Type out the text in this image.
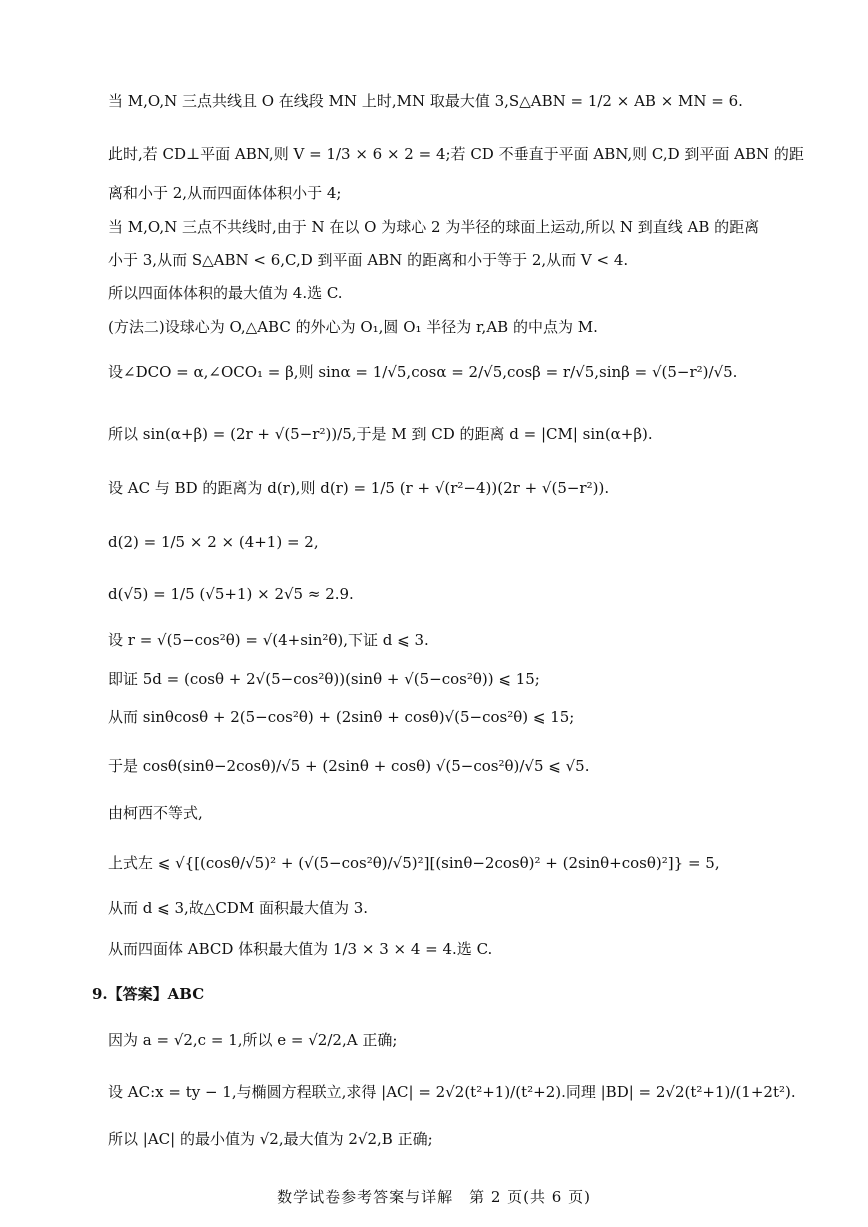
当 M,O,N 三点共线且 O 在线段 MN 上时,MN 取最大值 3,S△ABN = 1/2 × AB × MN = 6.
此时,若 CD⊥平面 ABN,则 V = 1/3 × 6 × 2 = 4;若 CD 不垂直于平面 ABN,则 C,D 到平面 ABN 的距
离和小于 2,从而四面体体积小于 4;
当 M,O,N 三点不共线时,由于 N 在以 O 为球心 2 为半径的球面上运动,所以 N 到直线 AB 的距离
小于 3,从而 S△ABN < 6,C,D 到平面 ABN 的距离和小于等于 2,从而 V < 4.
所以四面体体积的最大值为 4.选 C.
(方法二)设球心为 O,△ABC 的外心为 O₁,圆 O₁ 半径为 r,AB 的中点为 M.
设∠DCO = α,∠OCO₁ = β,则 sinα = 1/√5,cosα = 2/√5,cosβ = r/√5,sinβ = √(5−r²)/√5.
所以 sin(α+β) = (2r + √(5−r²))/5,于是 M 到 CD 的距离 d = |CM| sin(α+β).
设 AC 与 BD 的距离为 d(r),则 d(r) = 1/5 (r + √(r²−4))(2r + √(5−r²)).
d(2) = 1/5 × 2 × (4+1) = 2,
d(√5) = 1/5 (√5+1) × 2√5 ≈ 2.9.
设 r = √(5−cos²θ) = √(4+sin²θ),下证 d ⩽ 3.
即证 5d = (cosθ + 2√(5−cos²θ))(sinθ + √(5−cos²θ)) ⩽ 15;
从而 sinθcosθ + 2(5−cos²θ) + (2sinθ + cosθ)√(5−cos²θ) ⩽ 15;
于是 cosθ(sinθ−2cosθ)/√5 + (2sinθ + cosθ) √(5−cos²θ)/√5 ⩽ √5.
由柯西不等式,
上式左 ⩽ √{[(cosθ/√5)² + (√(5−cos²θ)/√5)²][(sinθ−2cosθ)² + (2sinθ+cosθ)²]} = 5,
从而 d ⩽ 3,故△CDM 面积最大值为 3.
从而四面体 ABCD 体积最大值为 1/3 × 3 × 4 = 4.选 C.
9.【答案】ABC
因为 a = √2,c = 1,所以 e = √2/2,A 正确;
设 AC:x = ty − 1,与椭圆方程联立,求得 |AC| = 2√2(t²+1)/(t²+2).同理 |BD| = 2√2(t²+1)/(1+2t²).
所以 |AC| 的最小值为 √2,最大值为 2√2,B 正确;
数学试卷参考答案与详解　第 2 页(共 6 页)
